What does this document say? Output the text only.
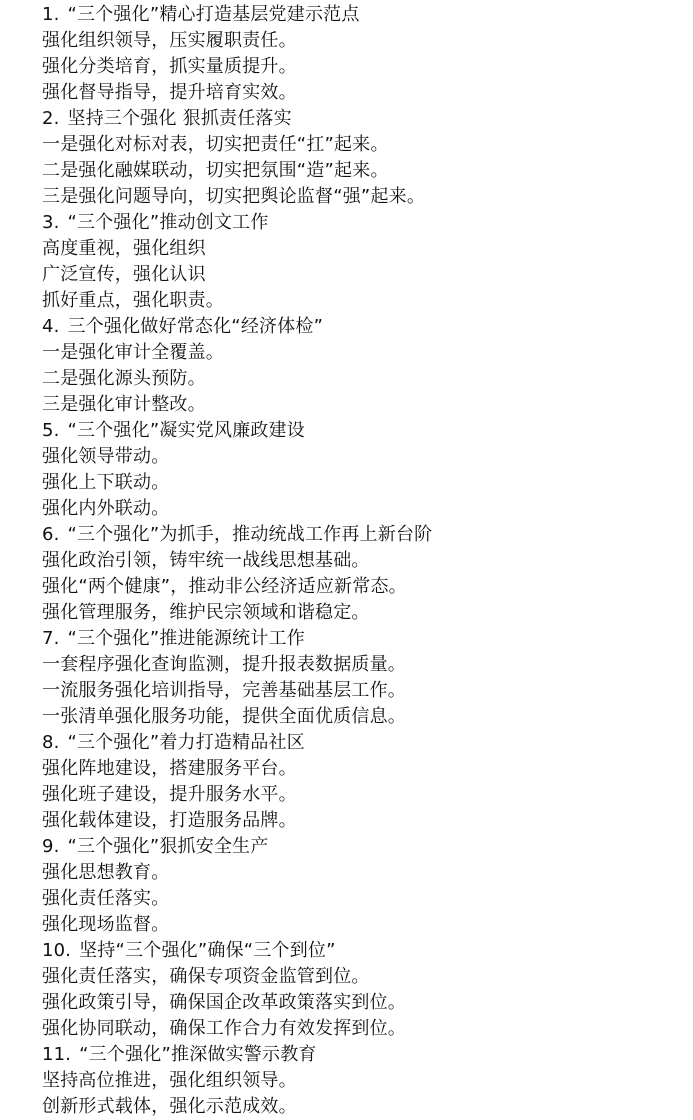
1. “三个强化”精心打造基层党建示范点

强化组织领导，压实履职责任。

强化分类培育，抓实量质提升。

强化督导指导，提升培育实效。

2. 坚持三个强化 狠抓责任落实

一是强化对标对表，切实把责任“扛”起来。

二是强化融媒联动，切实把氛围“造”起来。

三是强化问题导向，切实把舆论监督“强”起来。

3. “三个强化”推动创文工作

高度重视，强化组织

广泛宣传，强化认识

抓好重点，强化职责。

4. 三个强化做好常态化“经济体检”

一是强化审计全覆盖。

二是强化源头预防。

三是强化审计整改。

5. “三个强化”凝实党风廉政建设

强化领导带动。

强化上下联动。

强化内外联动。

6. “三个强化”为抓手，推动统战工作再上新台阶

强化政治引领，铸牢统一战线思想基础。

强化“两个健康”，推动非公经济适应新常态。

强化管理服务，维护民宗领域和谐稳定。

7. “三个强化”推进能源统计工作

一套程序强化查询监测，提升报表数据质量。

一流服务强化培训指导，完善基础基层工作。

一张清单强化服务功能，提供全面优质信息。

8. “三个强化”着力打造精品社区

强化阵地建设，搭建服务平台。

强化班子建设，提升服务水平。

强化载体建设，打造服务品牌。

9. “三个强化”狠抓安全生产

强化思想教育。

强化责任落实。

强化现场监督。

10. 坚持“三个强化”确保“三个到位”

强化责任落实，确保专项资金监管到位。

强化政策引导，确保国企改革政策落实到位。

强化协同联动，确保工作合力有效发挥到位。

11. “三个强化”推深做实警示教育

坚持高位推进，强化组织领导。

创新形式载体，强化示范成效。
